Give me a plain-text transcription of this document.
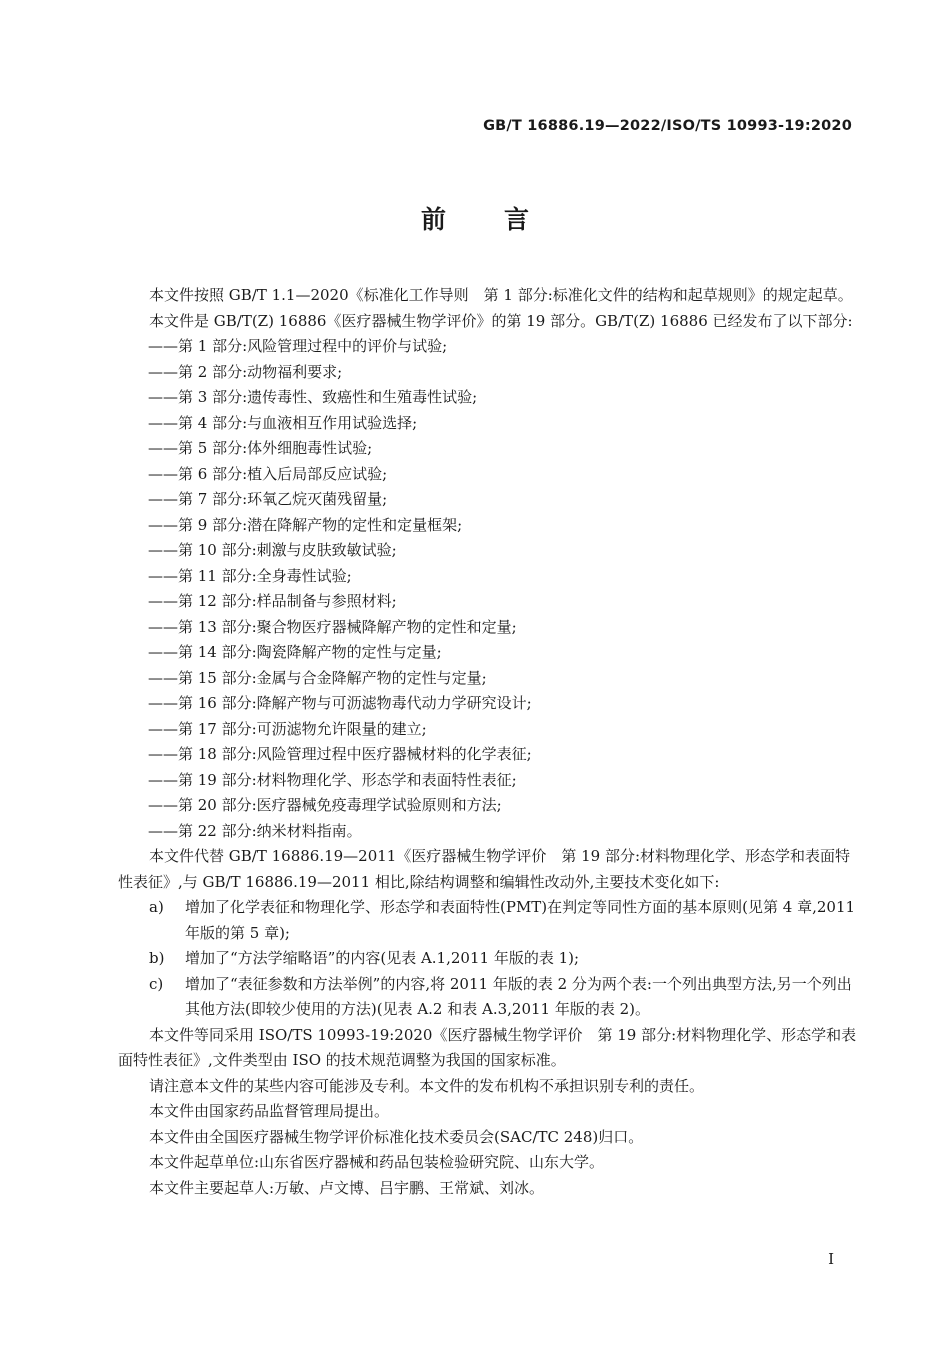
GB/T 16886.19—2022/ISO/TS 10993-19:2020
前言

本文件按照 GB/T 1.1—2020《标准化工作导则　第 1 部分:标准化文件的结构和起草规则》的规定起草。

本文件是 GB/T(Z) 16886《医疗器械生物学评价》的第 19 部分。GB/T(Z) 16886 已经发布了以下部分:

——第 1 部分:风险管理过程中的评价与试验;
——第 2 部分:动物福利要求;
——第 3 部分:遗传毒性、致癌性和生殖毒性试验;
——第 4 部分:与血液相互作用试验选择;
——第 5 部分:体外细胞毒性试验;
——第 6 部分:植入后局部反应试验;
——第 7 部分:环氧乙烷灭菌残留量;
——第 9 部分:潜在降解产物的定性和定量框架;
——第 10 部分:刺激与皮肤致敏试验;
——第 11 部分:全身毒性试验;
——第 12 部分:样品制备与参照材料;
——第 13 部分:聚合物医疗器械降解产物的定性和定量;
——第 14 部分:陶瓷降解产物的定性与定量;
——第 15 部分:金属与合金降解产物的定性与定量;
——第 16 部分:降解产物与可沥滤物毒代动力学研究设计;
——第 17 部分:可沥滤物允许限量的建立;
——第 18 部分:风险管理过程中医疗器械材料的化学表征;
——第 19 部分:材料物理化学、形态学和表面特性表征;
——第 20 部分:医疗器械免疫毒理学试验原则和方法;
——第 22 部分:纳米材料指南。

本文件代替 GB/T 16886.19—2011《医疗器械生物学评价　第 19 部分:材料物理化学、形态学和表面特性表征》,与 GB/T 16886.19—2011 相比,除结构调整和编辑性改动外,主要技术变化如下:

a) 增加了化学表征和物理化学、形态学和表面特性(PMT)在判定等同性方面的基本原则(见第 4 章,2011 年版的第 5 章);
b) 增加了“方法学缩略语”的内容(见表 A.1,2011 年版的表 1);
c) 增加了“表征参数和方法举例”的内容,将 2011 年版的表 2 分为两个表:一个列出典型方法,另一个列出其他方法(即较少使用的方法)(见表 A.2 和表 A.3,2011 年版的表 2)。

本文件等同采用 ISO/TS 10993-19:2020《医疗器械生物学评价　第 19 部分:材料物理化学、形态学和表面特性表征》,文件类型由 ISO 的技术规范调整为我国的国家标准。

请注意本文件的某些内容可能涉及专利。本文件的发布机构不承担识别专利的责任。

本文件由国家药品监督管理局提出。

本文件由全国医疗器械生物学评价标准化技术委员会(SAC/TC 248)归口。

本文件起草单位:山东省医疗器械和药品包装检验研究院、山东大学。

本文件主要起草人:万敏、卢文博、吕宇鹏、王常斌、刘冰。

I
